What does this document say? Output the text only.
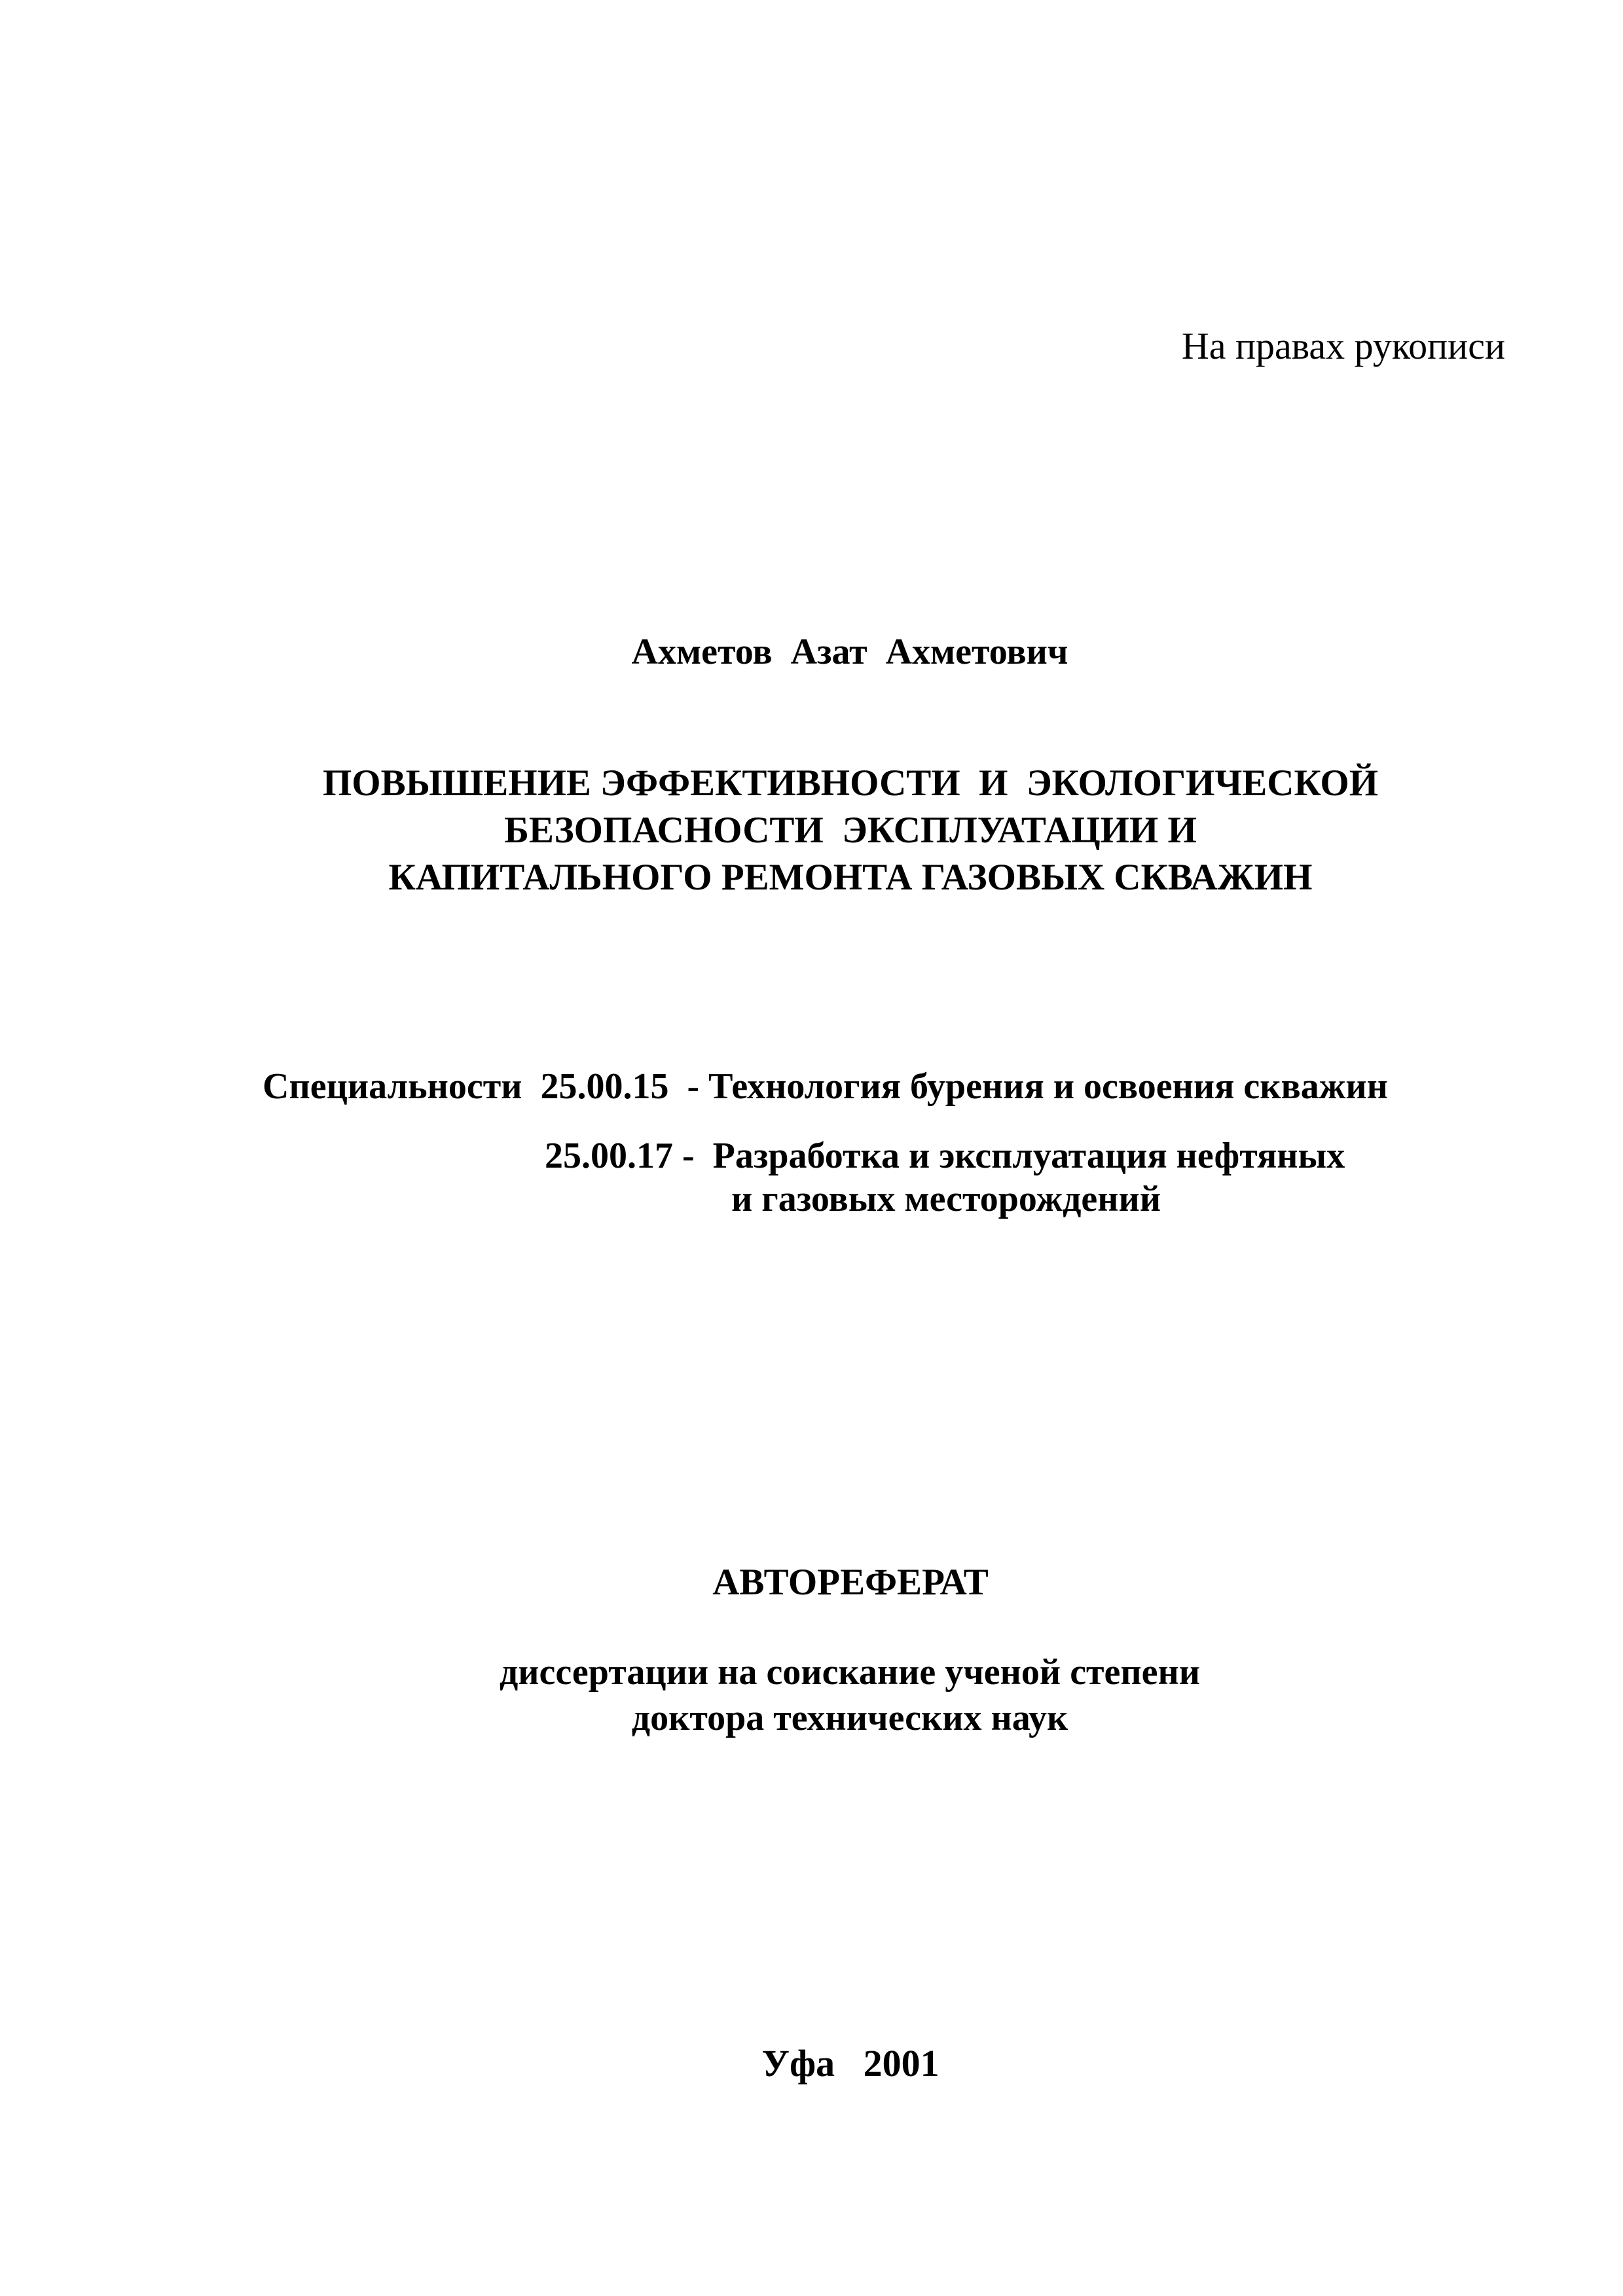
На правах рукописи
Ахметов  Азат  Ахметович
ПОВЫШЕНИЕ ЭФФЕКТИВНОСТИ  И  ЭКОЛОГИЧЕСКОЙ
БЕЗОПАСНОСТИ  ЭКСПЛУАТАЦИИ И
КАПИТАЛЬНОГО РЕМОНТА ГАЗОВЫХ СКВАЖИН
Специальности  25.00.15  - Технология бурения и освоения скважин
25.00.17 -  Разработка и эксплуатация нефтяных
и газовых месторождений
АВТОРЕФЕРАТ
диссертации на соискание ученой степени
доктора технических наук
Уфа   2001
